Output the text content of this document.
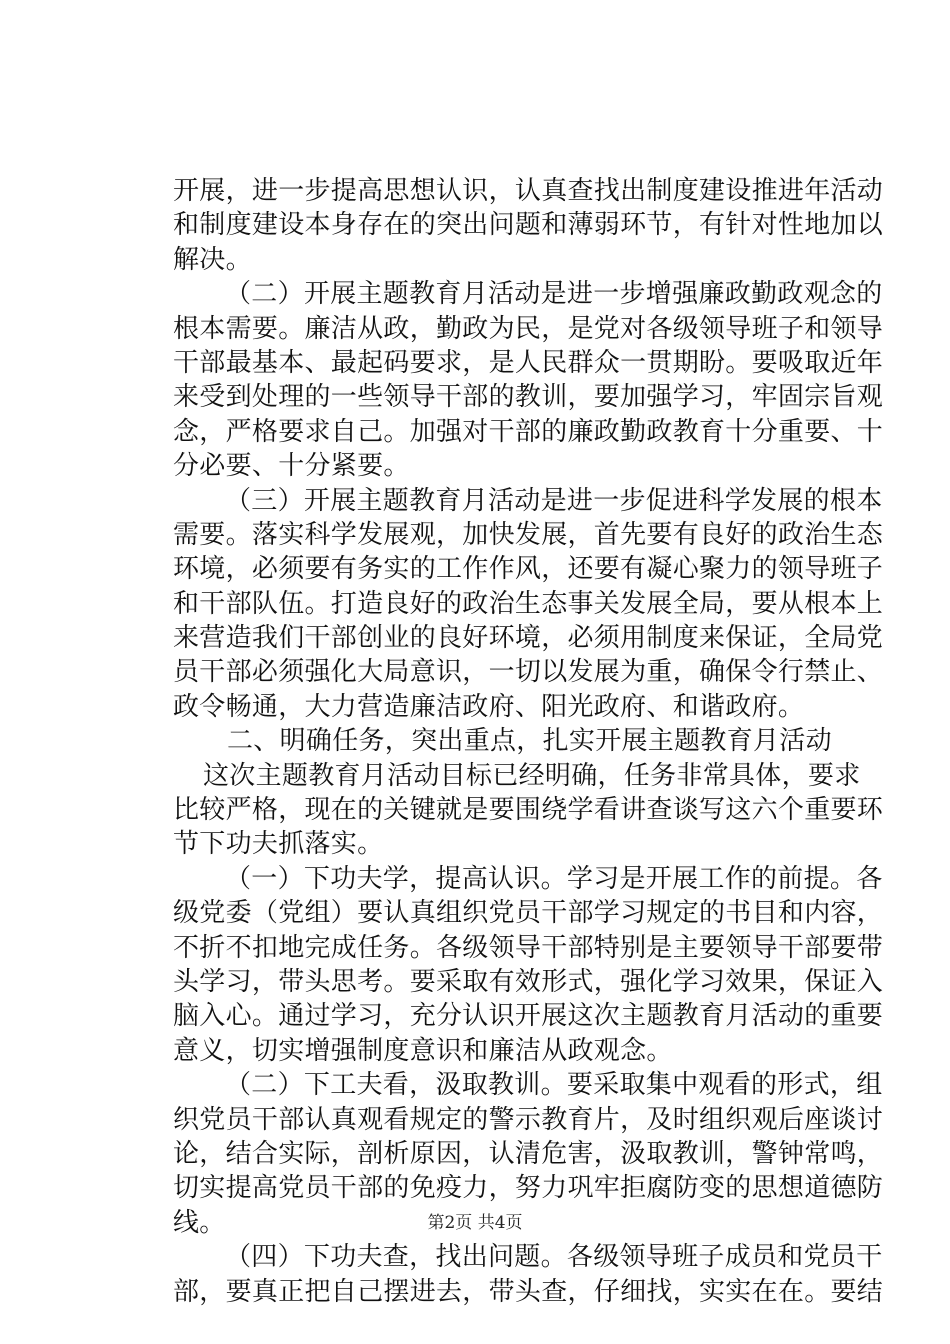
开展，进一步提高思想认识，认真查找出制度建设推进年活动
和制度建设本身存在的突出问题和薄弱环节，有针对性地加以
解决。
（二）开展主题教育月活动是进一步增强廉政勤政观念的
根本需要。廉洁从政，勤政为民，是党对各级领导班子和领导
干部最基本、最起码要求，是人民群众一贯期盼。要吸取近年
来受到处理的一些领导干部的教训，要加强学习，牢固宗旨观
念，严格要求自己。加强对干部的廉政勤政教育十分重要、十
分必要、十分紧要。
（三）开展主题教育月活动是进一步促进科学发展的根本
需要。落实科学发展观，加快发展，首先要有良好的政治生态
环境，必须要有务实的工作作风，还要有凝心聚力的领导班子
和干部队伍。打造良好的政治生态事关发展全局，要从根本上
来营造我们干部创业的良好环境，必须用制度来保证，全局党
员干部必须强化大局意识，一切以发展为重，确保令行禁止、
政令畅通，大力营造廉洁政府、阳光政府、和谐政府。
二、明确任务，突出重点，扎实开展主题教育月活动
这次主题教育月活动目标已经明确，任务非常具体，要求
比较严格，现在的关键就是要围绕学看讲查谈写这六个重要环
节下功夫抓落实。
（一）下功夫学，提高认识。学习是开展工作的前提。各
级党委（党组）要认真组织党员干部学习规定的书目和内容，
不折不扣地完成任务。各级领导干部特别是主要领导干部要带
头学习，带头思考。要采取有效形式，强化学习效果，保证入
脑入心。通过学习，充分认识开展这次主题教育月活动的重要
意义，切实增强制度意识和廉洁从政观念。
（二）下工夫看，汲取教训。要采取集中观看的形式，组
织党员干部认真观看规定的警示教育片，及时组织观后座谈讨
论，结合实际，剖析原因，认清危害，汲取教训，警钟常鸣，
切实提高党员干部的免疫力，努力巩牢拒腐防变的思想道德防
线。
（四）下功夫查，找出问题。各级领导班子成员和党员干
部，要真正把自己摆进去，带头查，仔细找，实实在在。要结
第2页 共4页
